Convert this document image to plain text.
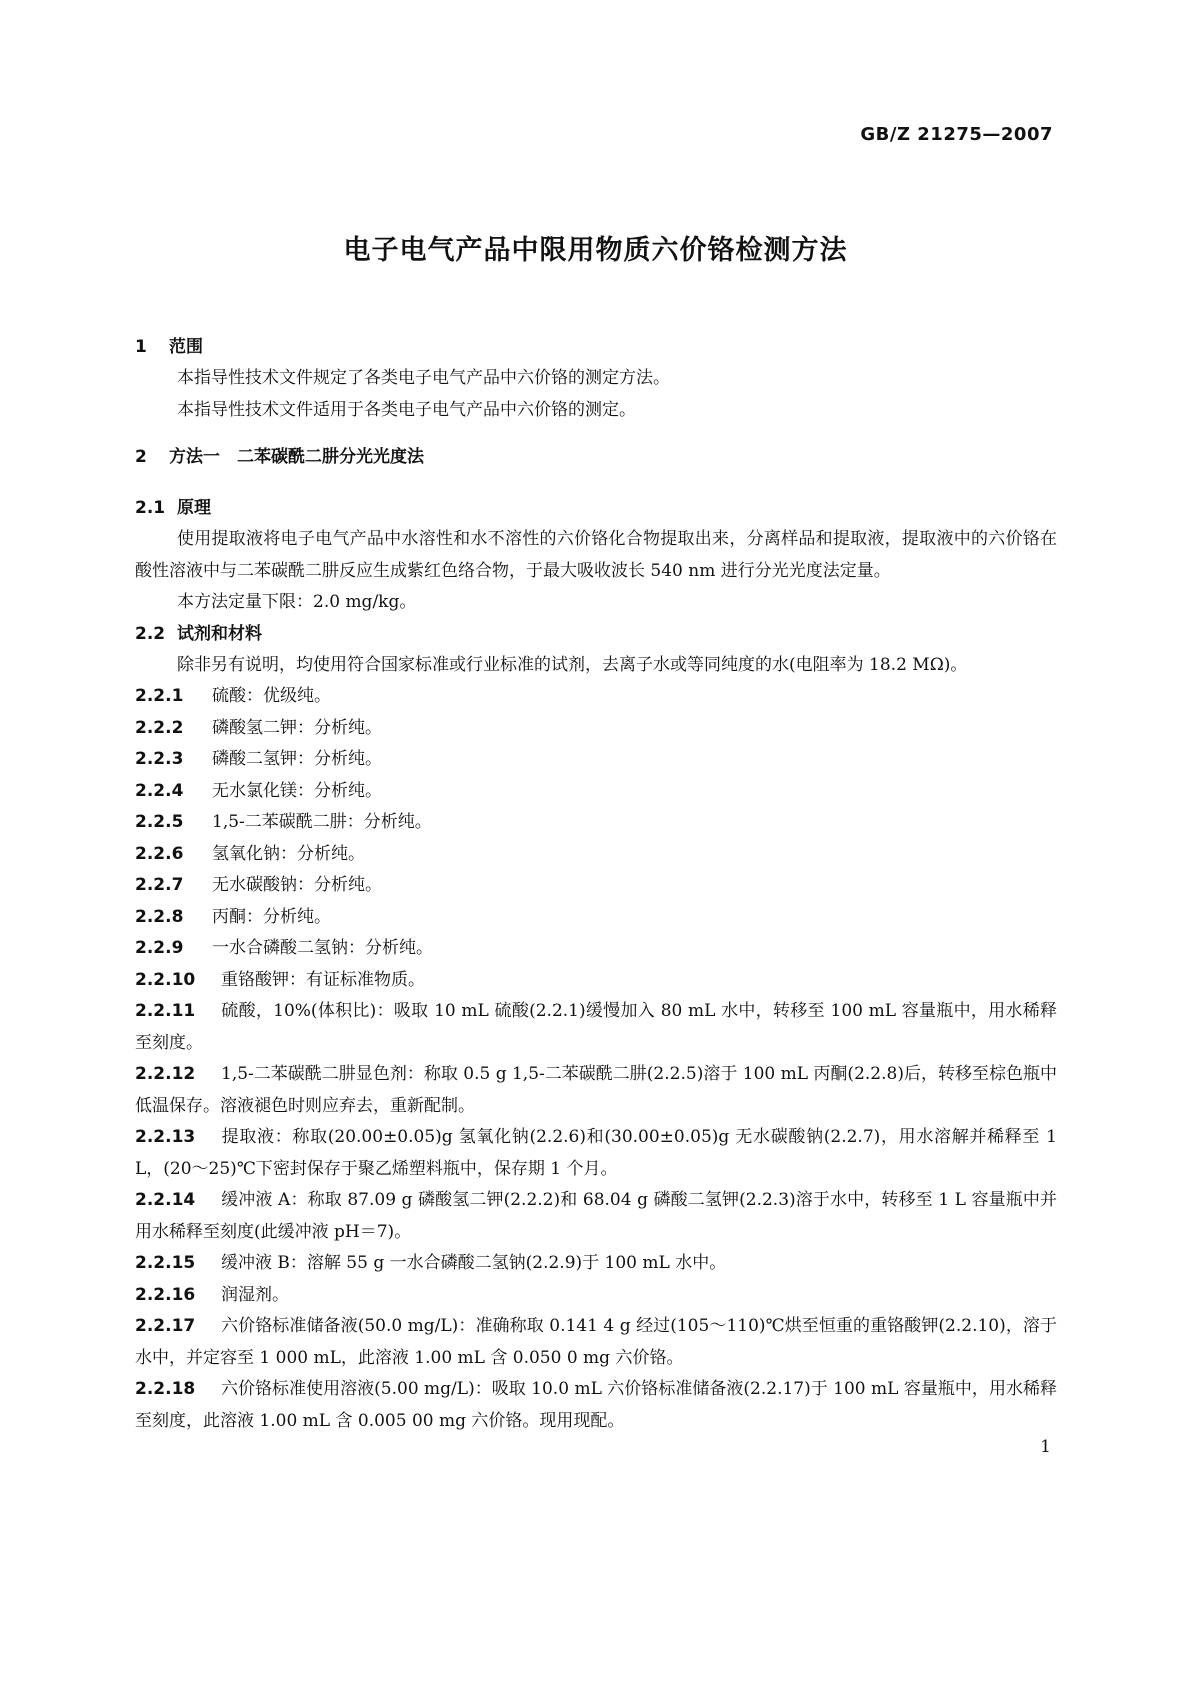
GB/Z 21275—2007
电子电气产品中限用物质六价铬检测方法
1 范围

本指导性技术文件规定了各类电子电气产品中六价铬的测定方法。

本指导性技术文件适用于各类电子电气产品中六价铬的测定。

2 方法一　二苯碳酰二肼分光光度法
2.1 原理

使用提取液将电子电气产品中水溶性和水不溶性的六价铬化合物提取出来，分离样品和提取液，提取液中的六价铬在酸性溶液中与二苯碳酰二肼反应生成紫红色络合物，于最大吸收波长 540 nm 进行分光光度法定量。

本方法定量下限：2.0 mg/kg。

2.2 试剂和材料

除非另有说明，均使用符合国家标准或行业标准的试剂，去离子水或等同纯度的水(电阻率为 18.2 MΩ)。

2.2.1 硫酸：优级纯。

2.2.2 磷酸氢二钾：分析纯。

2.2.3 磷酸二氢钾：分析纯。

2.2.4 无水氯化镁：分析纯。

2.2.5 1,5-二苯碳酰二肼：分析纯。

2.2.6 氢氧化钠：分析纯。

2.2.7 无水碳酸钠：分析纯。

2.2.8 丙酮：分析纯。

2.2.9 一水合磷酸二氢钠：分析纯。

2.2.10 重铬酸钾：有证标准物质。

2.2.11 硫酸，10%(体积比)：吸取 10 mL 硫酸(2.2.1)缓慢加入 80 mL 水中，转移至 100 mL 容量瓶中，用水稀释至刻度。

2.2.12 1,5-二苯碳酰二肼显色剂：称取 0.5 g 1,5-二苯碳酰二肼(2.2.5)溶于 100 mL 丙酮(2.2.8)后，转移至棕色瓶中低温保存。溶液褪色时则应弃去，重新配制。

2.2.13 提取液：称取(20.00±0.05)g 氢氧化钠(2.2.6)和(30.00±0.05)g 无水碳酸钠(2.2.7)，用水溶解并稀释至 1 L，(20～25)℃下密封保存于聚乙烯塑料瓶中，保存期 1 个月。

2.2.14 缓冲液 A：称取 87.09 g 磷酸氢二钾(2.2.2)和 68.04 g 磷酸二氢钾(2.2.3)溶于水中，转移至 1 L 容量瓶中并用水稀释至刻度(此缓冲液 pH＝7)。

2.2.15 缓冲液 B：溶解 55 g 一水合磷酸二氢钠(2.2.9)于 100 mL 水中。

2.2.16 润湿剂。

2.2.17 六价铬标准储备液(50.0 mg/L)：准确称取 0.141 4 g 经过(105～110)℃烘至恒重的重铬酸钾(2.2.10)，溶于水中，并定容至 1 000 mL，此溶液 1.00 mL 含 0.050 0 mg 六价铬。

2.2.18 六价铬标准使用溶液(5.00 mg/L)：吸取 10.0 mL 六价铬标准储备液(2.2.17)于 100 mL 容量瓶中，用水稀释至刻度，此溶液 1.00 mL 含 0.005 00 mg 六价铬。现用现配。

1
